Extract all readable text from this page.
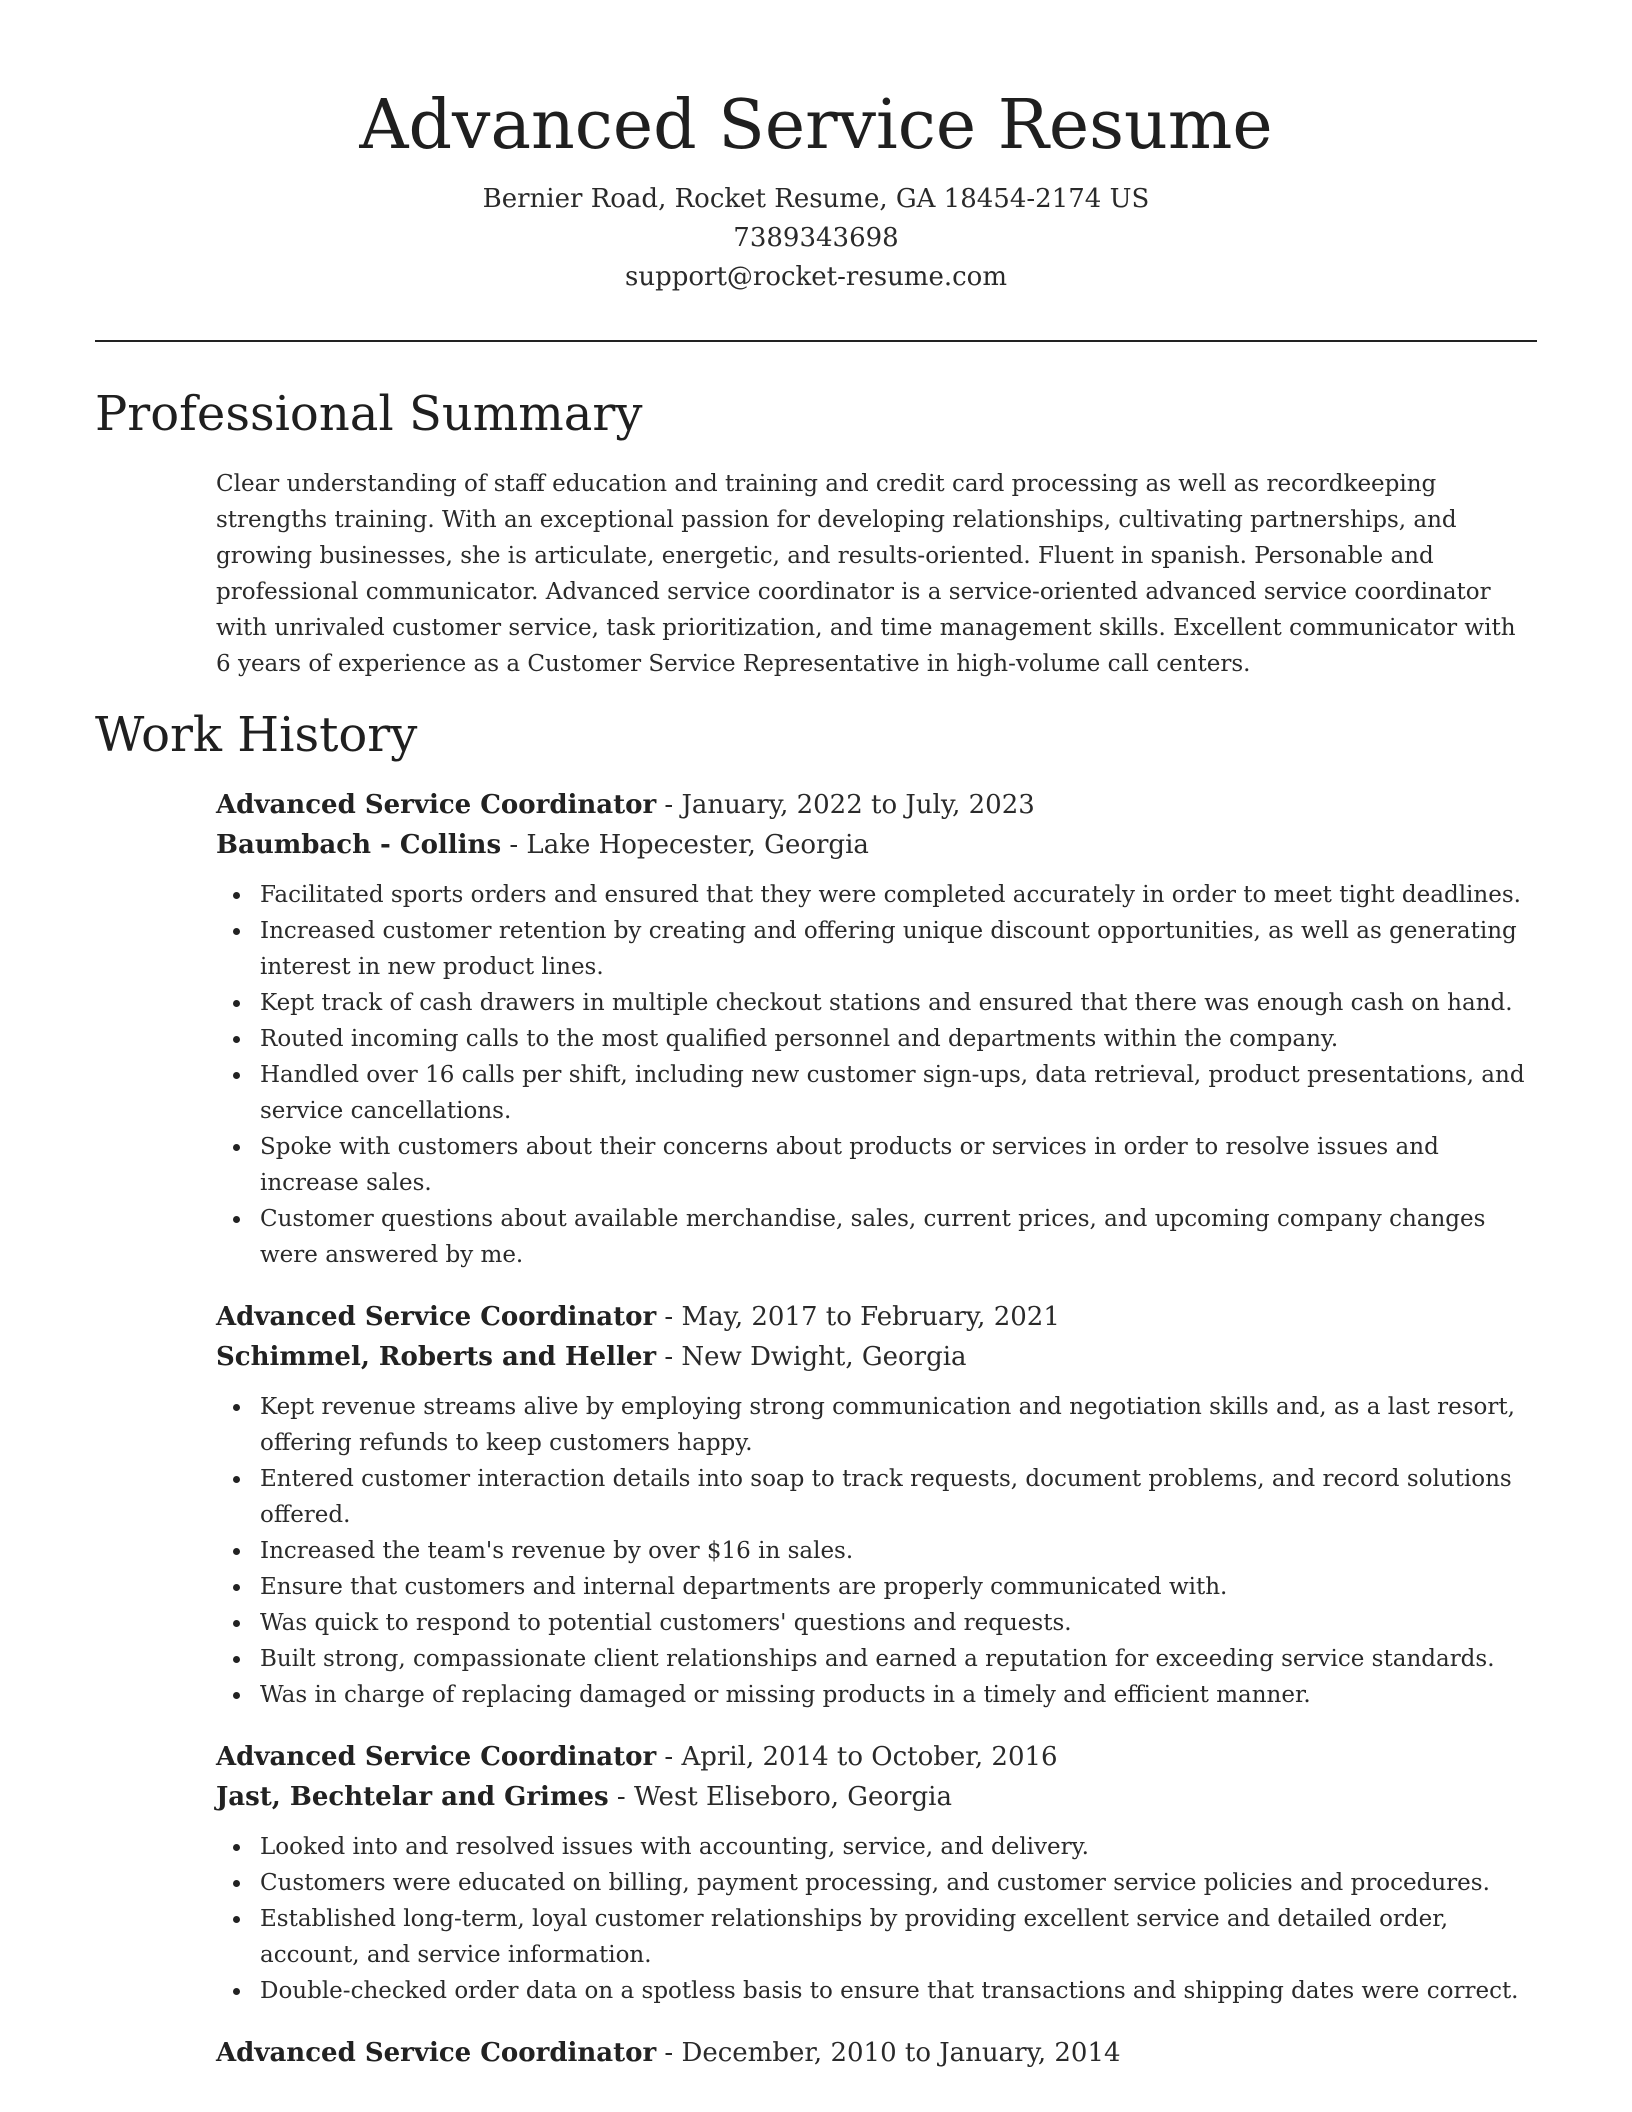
Advanced Service Resume
Bernier Road, Rocket Resume, GA 18454-2174 US
7389343698
support@rocket-resume.com
Professional Summary

Clear understanding of staff education and training and credit card processing as well as recordkeeping strengths training. With an exceptional passion for developing relationships, cultivating partnerships, and growing businesses, she is articulate, energetic, and results-oriented. Fluent in spanish. Personable and professional communicator. Advanced service coordinator is a service-oriented advanced service coordinator with unrivaled customer service, task prioritization, and time management skills. Excellent communicator with 6 years of experience as a Customer Service Representative in high-volume call centers.

Work History
Advanced Service Coordinator - January, 2022 to July, 2023
Baumbach - Collins - Lake Hopecester, Georgia
Facilitated sports orders and ensured that they were completed accurately in order to meet tight deadlines.
Increased customer retention by creating and offering unique discount opportunities, as well as generating interest in new product lines.
Kept track of cash drawers in multiple checkout stations and ensured that there was enough cash on hand.
Routed incoming calls to the most qualified personnel and departments within the company.
Handled over 16 calls per shift, including new customer sign-ups, data retrieval, product presentations, and service cancellations.
Spoke with customers about their concerns about products or services in order to resolve issues and increase sales.
Customer questions about available merchandise, sales, current prices, and upcoming company changes were answered by me.
Advanced Service Coordinator - May, 2017 to February, 2021
Schimmel, Roberts and Heller - New Dwight, Georgia
Kept revenue streams alive by employing strong communication and negotiation skills and, as a last resort, offering refunds to keep customers happy.
Entered customer interaction details into soap to track requests, document problems, and record solutions offered.
Increased the team's revenue by over $16 in sales.
Ensure that customers and internal departments are properly communicated with.
Was quick to respond to potential customers' questions and requests.
Built strong, compassionate client relationships and earned a reputation for exceeding service standards.
Was in charge of replacing damaged or missing products in a timely and efficient manner.
Advanced Service Coordinator - April, 2014 to October, 2016
Jast, Bechtelar and Grimes - West Eliseboro, Georgia
Looked into and resolved issues with accounting, service, and delivery.
Customers were educated on billing, payment processing, and customer service policies and procedures.
Established long-term, loyal customer relationships by providing excellent service and detailed order, account, and service information.
Double-checked order data on a spotless basis to ensure that transactions and shipping dates were correct.
Advanced Service Coordinator - December, 2010 to January, 2014
